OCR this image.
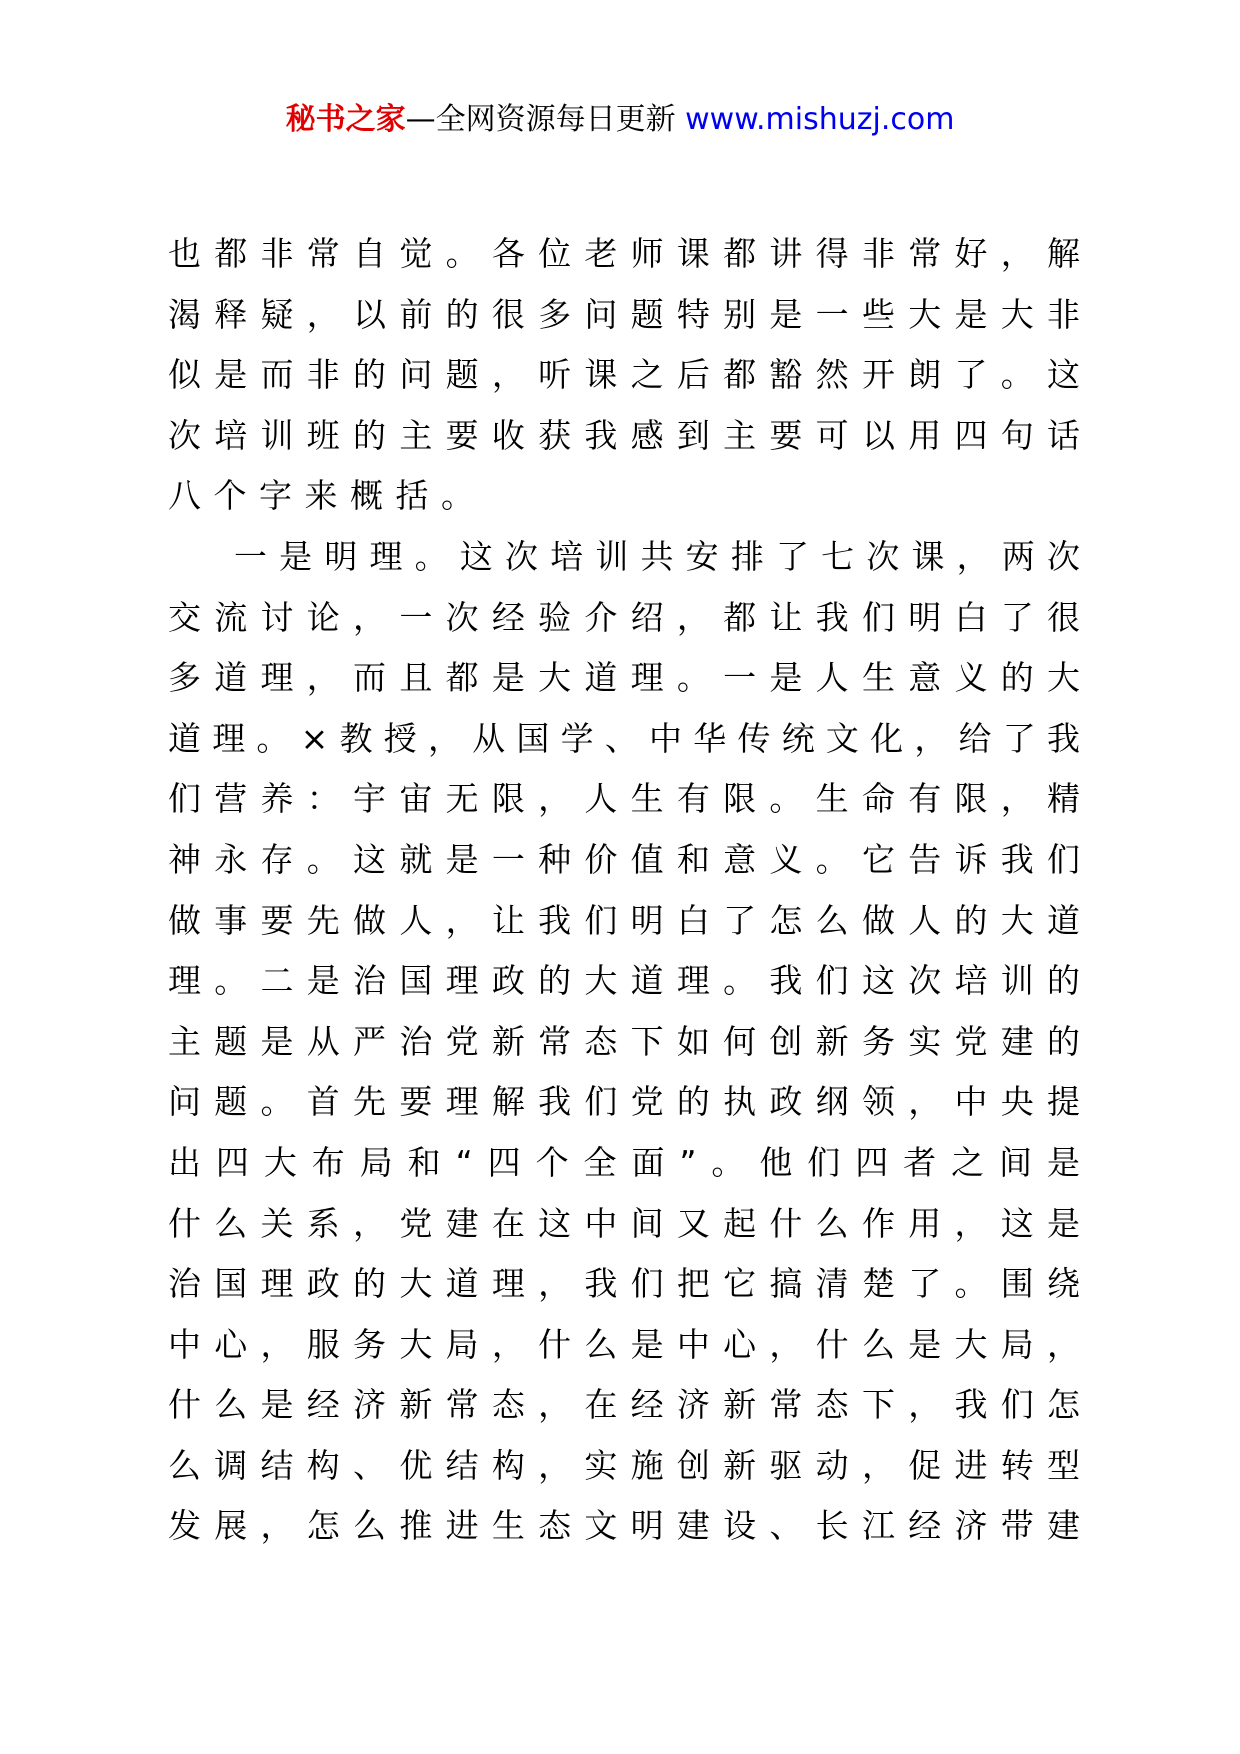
秘书之家—全网资源每日更新 www.mishuzj.com
也都非常自觉。各位老师课都讲得非常好，解
渴释疑，以前的很多问题特别是一些大是大非
似是而非的问题，听课之后都豁然开朗了。这
次培训班的主要收获我感到主要可以用四句话
八个字来概括。
一是明理。这次培训共安排了七次课，两次
交流讨论，一次经验介绍，都让我们明白了很
多道理，而且都是大道理。一是人生意义的大
道理。×教授，从国学、中华传统文化，给了我
们营养：宇宙无限，人生有限。生命有限，精
神永存。这就是一种价值和意义。它告诉我们
做事要先做人，让我们明白了怎么做人的大道
理。二是治国理政的大道理。我们这次培训的
主题是从严治党新常态下如何创新务实党建的
问题。首先要理解我们党的执政纲领，中央提
出四大布局和“四个全面”。他们四者之间是
什么关系，党建在这中间又起什么作用，这是
治国理政的大道理，我们把它搞清楚了。围绕
中心，服务大局，什么是中心，什么是大局，
什么是经济新常态，在经济新常态下，我们怎
么调结构、优结构，实施创新驱动，促进转型
发展，怎么推进生态文明建设、长江经济带建
